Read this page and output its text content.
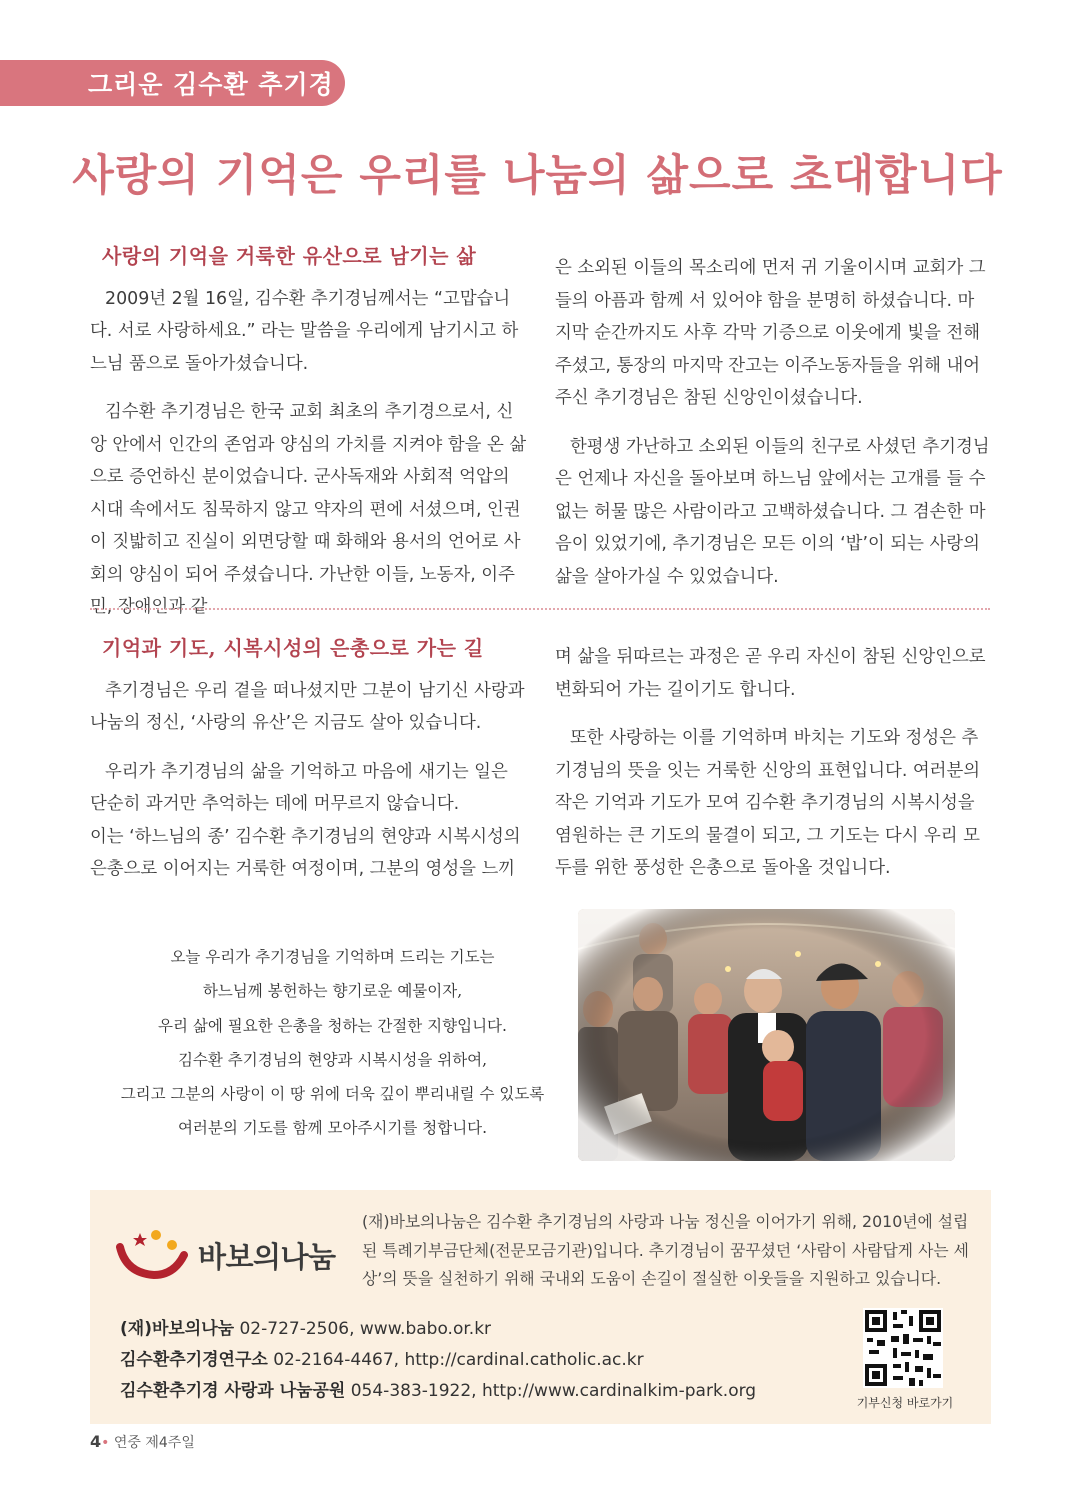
그리운 김수환 추기경
사랑의 기억은 우리를 나눔의 삶으로 초대합니다
사랑의 기억을 거룩한 유산으로 남기는 삶

2009년 2월 16일, 김수환 추기경님께서는 “고맙습니다. 서로 사랑하세요.” 라는 말씀을 우리에게 남기시고 하느님 품으로 돌아가셨습니다.

김수환 추기경님은 한국 교회 최초의 추기경으로서, 신앙 안에서 인간의 존엄과 양심의 가치를 지켜야 함을 온 삶으로 증언하신 분이었습니다. 군사독재와 사회적 억압의 시대 속에서도 침묵하지 않고 약자의 편에 서셨으며, 인권이 짓밟히고 진실이 외면당할 때 화해와 용서의 언어로 사회의 양심이 되어 주셨습니다. 가난한 이들, 노동자, 이주민, 장애인과 같

은 소외된 이들의 목소리에 먼저 귀 기울이시며 교회가 그들의 아픔과 함께 서 있어야 함을 분명히 하셨습니다. 마지막 순간까지도 사후 각막 기증으로 이웃에게 빛을 전해 주셨고, 통장의 마지막 잔고는 이주노동자들을 위해 내어주신 추기경님은 참된 신앙인이셨습니다.

한평생 가난하고 소외된 이들의 친구로 사셨던 추기경님은 언제나 자신을 돌아보며 하느님 앞에서는 고개를 들 수 없는 허물 많은 사람이라고 고백하셨습니다. 그 겸손한 마음이 있었기에, 추기경님은 모든 이의 ‘밥’이 되는 사랑의 삶을 살아가실 수 있었습니다.

기억과 기도, 시복시성의 은총으로 가는 길

추기경님은 우리 곁을 떠나셨지만 그분이 남기신 사랑과 나눔의 정신, ‘사랑의 유산’은 지금도 살아 있습니다.

우리가 추기경님의 삶을 기억하고 마음에 새기는 일은 단순히 과거만 추억하는 데에 머무르지 않습니다.

이는 ‘하느님의 종’ 김수환 추기경님의 현양과 시복시성의 은총으로 이어지는 거룩한 여정이며, 그분의 영성을 느끼

며 삶을 뒤따르는 과정은 곧 우리 자신이 참된 신앙인으로 변화되어 가는 길이기도 합니다.

또한 사랑하는 이를 기억하며 바치는 기도와 정성은 추기경님의 뜻을 잇는 거룩한 신앙의 표현입니다. 여러분의 작은 기억과 기도가 모여 김수환 추기경님의 시복시성을 염원하는 큰 기도의 물결이 되고, 그 기도는 다시 우리 모두를 위한 풍성한 은총으로 돌아올 것입니다.

오늘 우리가 추기경님을 기억하며 드리는 기도는
하느님께 봉헌하는 향기로운 예물이자,
우리 삶에 필요한 은총을 청하는 간절한 지향입니다.
김수환 추기경님의 현양과 시복시성을 위하여,
그리고 그분의 사랑이 이 땅 위에 더욱 깊이 뿌리내릴 수 있도록
여러분의 기도를 함께 모아주시기를 청합니다.
바보의나눔
(재)바보의나눔은 김수환 추기경님의 사랑과 나눔 정신을 이어가기 위해, 2010년에 설립된 특례기부금단체(전문모금기관)입니다. 추기경님이 꿈꾸셨던 ‘사람이 사람답게 사는 세상’의 뜻을 실천하기 위해 국내외 도움이 손길이 절실한 이웃들을 지원하고 있습니다.
(재)바보의나눔 02-727-2506, www.babo.or.kr
김수환추기경연구소 02-2164-4467, http://cardinal.catholic.ac.kr
김수환추기경 사랑과 나눔공원 054-383-1922, http://www.cardinalkim-park.org
기부신청 바로가기
4• 연중 제4주일
